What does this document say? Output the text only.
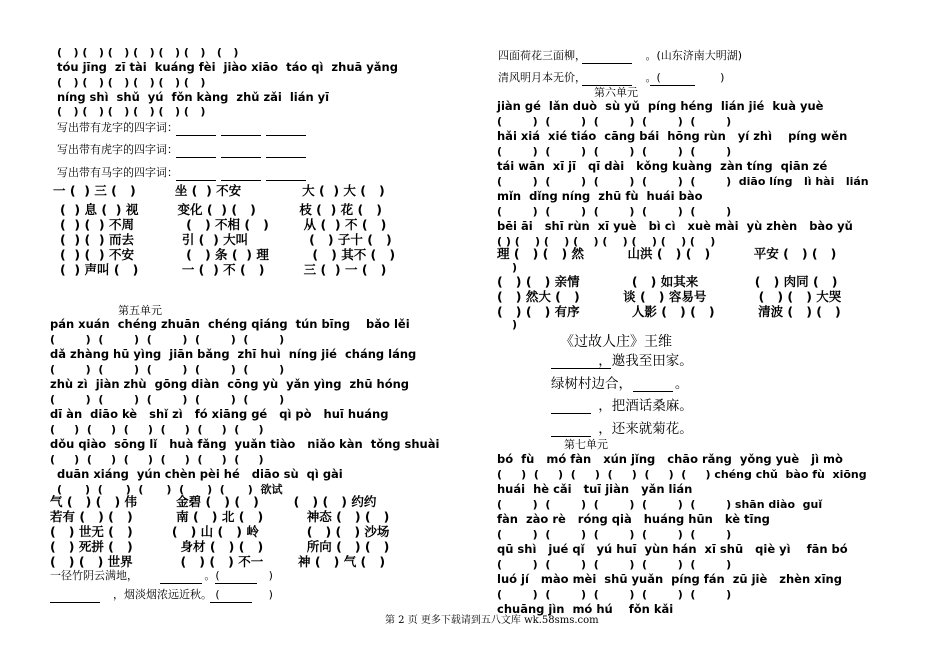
(   ) (   ) (   ) (   ) (   ) (   )   (   )
tóu jīng  zī tài  kuáng fèi  jiào xiāo  táo qì  zhuā yǎng
(   ) (   ) (   ) (   ) (   ) (   )
níng shì  shǔ  yú  fǒn kàng  zhǔ zǎi  lián yī
(   ) (   ) (   ) (   ) (   ) (   )
写出带有龙字的四字词：
写出带有虎字的四字词：
写出带有马字的四字词：
一 (  ) 三 (   )         坐 (  ) 不安              大 (  ) 大 (   )
(  ) 息 (  ) 视         变化 (  ) (   )          枝 (  ) 花 (   )
(  ) (  ) 不周            (   ) 不相 (   )        从 (  ) 不 (   )
(  ) (  ) 而去           引 (  ) 大叫              (   ) 子十 (   )
(  ) (  ) 不安            (   ) 条 (  ) 理          (   ) 其不 (   )
(  ) 声叫 (   )          一 (  ) 不 (   )         三 (  ) 一 (   )
第五单元
pán xuán  chéng zhuān  chéng qiáng  tún bīng    bǎo lěi
(        )  (        )  (        )  (        )  (        )
dǎ zhàng hū yìng  jiān bǎng  zhī huì  níng jié  cháng láng
(        )  (        )  (        )  (        )  (        )
zhù zì  jiàn zhù  gōng diàn  cōng yù  yǎn yìng  zhū hóng
(        )  (        )  (        )  (        )  (        )
dī àn  diāo kè   shǐ zì   fó xiāng gé   qì pò   huī huáng
(     )  (     )  (     )  (     )  (     )  (     )
dǒu qiào  sōng lǐ   huà fǎng  yuǎn tiào   niǎo kàn  tǒng shuài
(     )  (     )  (     )  (     )  (     )  (     )
duān xiáng  yún chèn pèi hé   diāo sù  qì gài
(      )  (      )  (      )  (      )  (      )  欲试
气 (   ) (   ) 伟         金碧 (   ) (   )        (   ) (   ) 约约
若有 (   ) (   )          南 (   ) 北 (   )          神态 (   ) (   )
(   ) 世无 (   )         (   ) 山 (   ) 岭           (   ) (   ) 沙场
(   ) 死拼 (   )           身材 (   ) (   )          所向 (   ) (   )
(   ) (   ) 世界           (   ) (   ) 不一        神 (   ) 气 (   )
一径竹阴云满地，                   。(              )
，烟淡烟浓远近秋。 (              )
四面荷花三面柳，                 。(山东济南大明湖)
清风明月本无价，                 。(                 )
第六单元
jiàn gé  lǎn duò  sù yǔ  píng héng  lián jié  kuà yuè
(        )  (        )  (        )  (        )  (        )
hǎi xiá  xié tiáo  cāng bái  hōng rùn   yí zhì    píng wěn
(        )  (        )  (        )  (        )  (        )
tái wān  xī jī   qī dài   kǒng kuàng  zàn tíng  qiān zé
(        )  (        )  (        )  (        )  (        )  diāo líng   lì hài   lián
mǐn  dǐng níng  zhū fù  huái bào
(        )  (        )  (        )  (        )  (        )
bēi āi   shī rùn  xī yuè   bì cì   xuè mài  yù zhèn   bào yǔ
( ) (    ) (    ) (    ) (    ) (    ) (    ) (    )
理 (   ) (   ) 然          山洪 (   ) (   )          平安 (   ) (   )
)
(   ) (   ) 亲情            (   ) 如其来             (   ) 肉同 (   )
(   ) 然大 (   )          谈 (   ) 容易号            (   ) (   ) 大哭
(   ) (   ) 有序            人影 (   ) (   )          清波 (   ) (   )
)
《过故人庄》王维
，邀我至田家。
绿树村边合，          。
，把酒话桑麻。
，还来就菊花。
第七单元
bó  fù   mó fàn   xún jǐng   chāo rǎng  yǒng yuè   jì mò
(     )  (     )  (     )  (     )  (     )  (     ) chéng chǔ  bào fù  xiōng
huái  hè cǎi   tuī jiàn   yǎn lián
(        )  (        )  (        )  (        )  (        ) shān diào  guǐ
fàn  zào rè   róng qià   huáng hūn   kè tīng
(        )  (        )  (        )  (        )  (        )
qū shì   jué qǐ   yú huī  yùn hán  xī shū   qiè yì    fān bó
(        )  (        )  (        )  (        )  (        )
luó jí   mào mèi  shū yuǎn  píng fán  zū jiè   zhèn xīng
(        )  (        )  (        )  (        )  (        )
chuāng jìn  mó hú    fǒn kǎi
第 2 页 更多下载请到五八文库 wk.58sms.com
